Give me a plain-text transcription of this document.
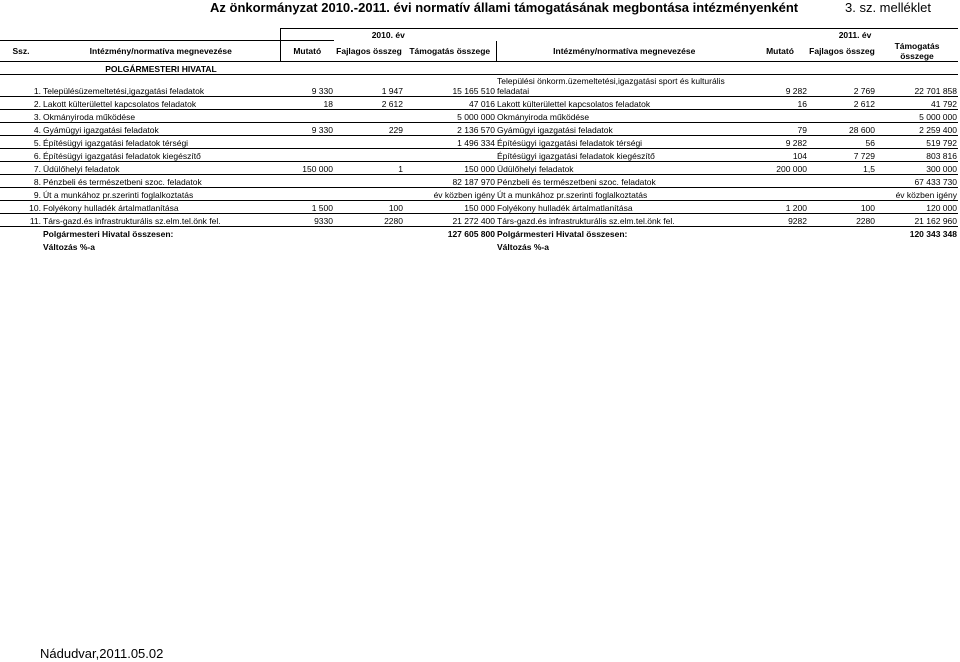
Az önkormányzat 2010.-2011. évi normatív állami támogatásának megbontása intézményenként	3. sz. melléklet
		2010. év				2011. év		
Ssz.	Intézmény/normatíva megnevezése	Mutató	Fajlagos összeg	Támogatás összege	Intézmény/normatíva megnevezése	Mutató	Fajlagos összeg	Támogatás összege
	POLGÁRMESTERI HIVATAL							
1.	Településüzemeltetési,igazgatási feladatok	9 330	1 947	15 165 510	Települési önkorm.üzemeltetési,igazgatási sport és kulturális feladatai	9 282	2 769	22 701 858
2.	Lakott külterülettel kapcsolatos feladatok	18	2 612	47 016	Lakott külterülettel kapcsolatos feladatok	16	2 612	41 792
3.	Okmányiroda működése			5 000 000	Okmányiroda működése			5 000 000
4.	Gyámügyi igazgatási feladatok	9 330	229	2 136 570	Gyámügyi igazgatási feladatok	79	28 600	2 259 400
5.	Építésügyi igazgatási feladatok térségi			1 496 334	Építésügyi igazgatási feladatok térségi	9 282	56	519 792
6.	Építésügyi igazgatási feladatok kiegészítő				Építésügyi igazgatási feladatok kiegészítő	104	7 729	803 816
7.	Üdülőhelyi feladatok	150 000	1	150 000	Üdülőhelyi feladatok	200 000	1,5	300 000
8.	Pénzbeli és természetbeni szoc. feladatok			82 187 970	Pénzbeli és természetbeni szoc. feladatok			67 433 730
9.	Út a munkához pr.szerinti foglalkoztatás			év közben igény	Út a munkához pr.szerinti foglalkoztatás			év közben igény
10.	Folyékony hulladék ártalmatlanítása	1 500	100	150 000	Folyékony hulladék ártalmatlanítása	1 200	100	120 000
11.	Társ-gazd.és infrastrukturális sz.elm.tel.önk fel.	9330	2280	21 272 400	Társ-gazd.és infrastrukturális sz.elm.tel.önk fel.	9282	2280	21 162 960
	Polgármesteri Hivatal összesen:			127 605 800	Polgármesteri Hivatal összesen:			120 343 348
	Változás %-a				Változás %-a			
Nádudvar,2011.05.02
